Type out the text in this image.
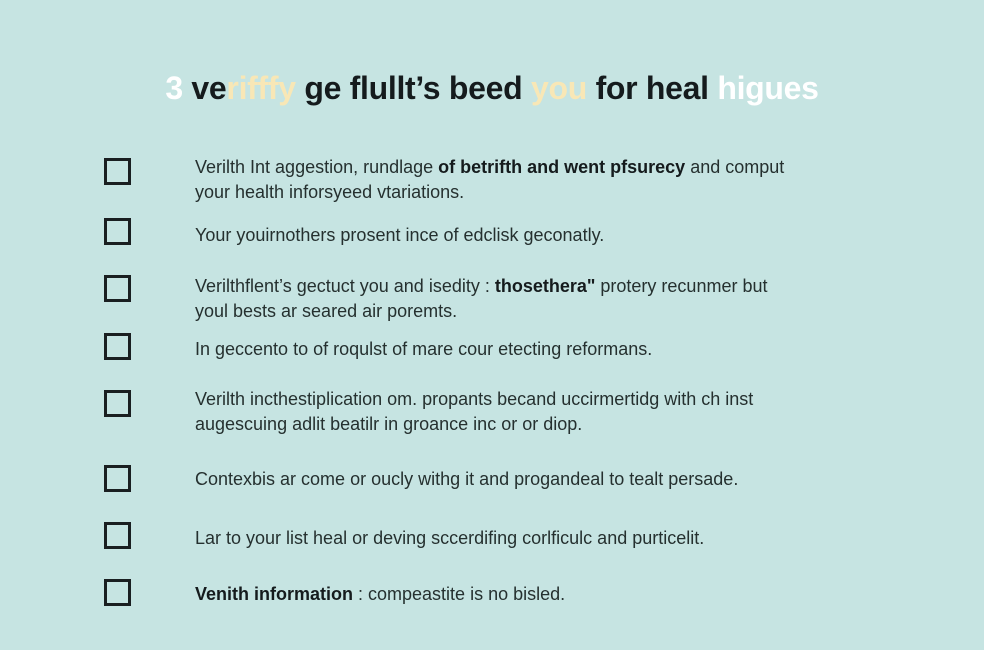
3 verifffy ge flullt’s beed you for heal higues
Verilth Int aggestion, rundlage of betrifth and went pfsurecy and comput
your health inforsyeed vtariations.
Your youirnothers prosent ince of edclisk geconatly.
Verilthflent’s gectuct you and isedity : thosethera" protery recunmer but
youl bests ar seared air poremts.
In geccento to of roqulst of mare cour etecting reformans.
Verilth incthestiplication om. propants becand uccirmertidg with ch inst
augescuing adlit beatilr in groance inc or or diop.
Contexbis ar come or oucly withg it and progandeal to tealt persade.
Lar to your list heal or deving sccerdifing corlficulc and purticelit.
Venith information : compeastite is no bisled.
